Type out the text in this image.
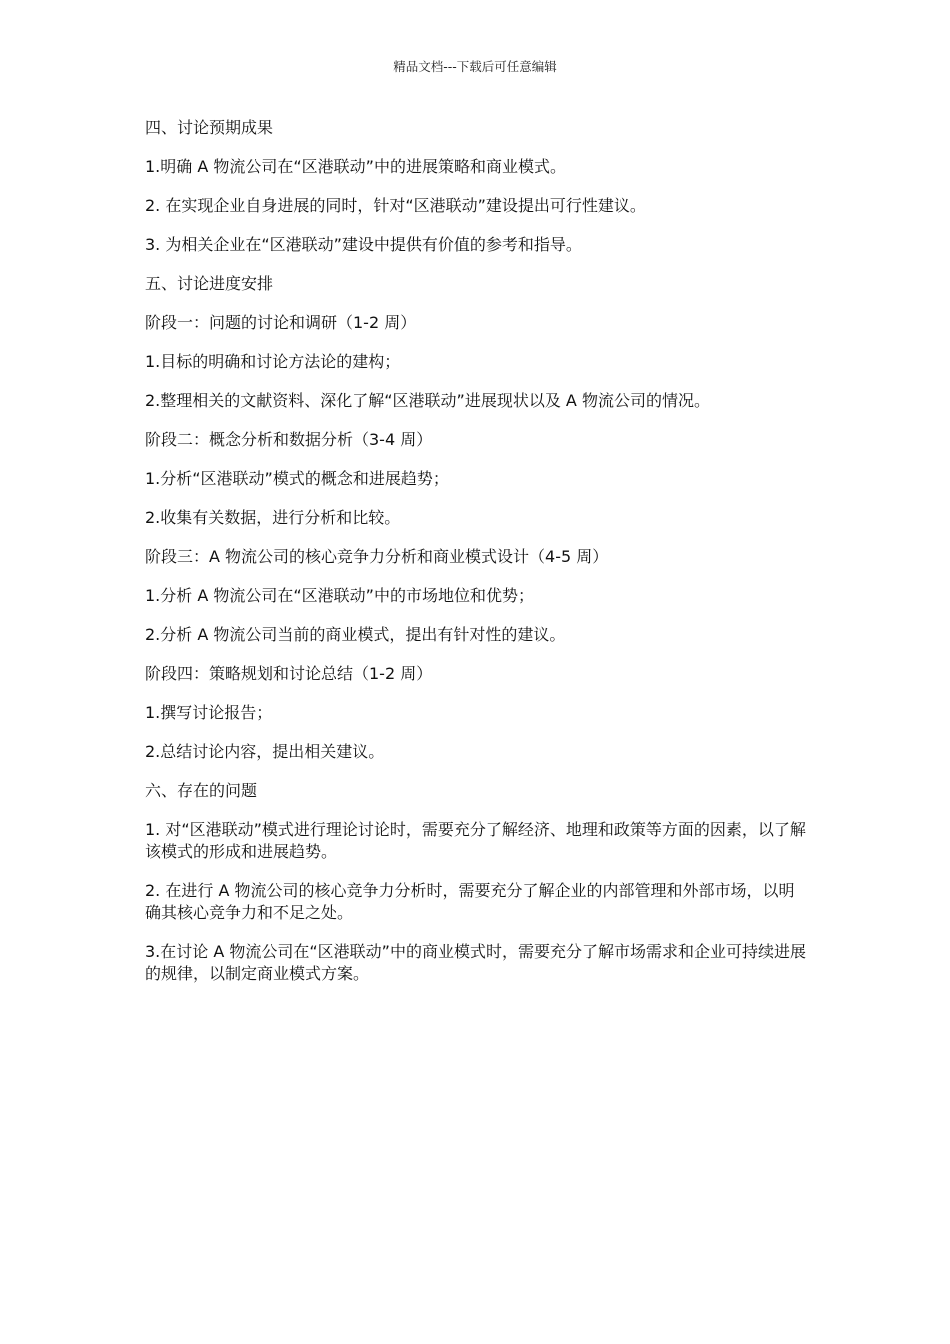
精品文档---下载后可任意编辑

四、讨论预期成果

1.明确 A 物流公司在“区港联动”中的进展策略和商业模式。

2. 在实现企业自身进展的同时，针对“区港联动”建设提出可行性建议。

3. 为相关企业在“区港联动”建设中提供有价值的参考和指导。

五、讨论进度安排

阶段一：问题的讨论和调研（1-2 周）

1.目标的明确和讨论方法论的建构；

2.整理相关的文献资料、深化了解“区港联动”进展现状以及 A 物流公司的情况。

阶段二：概念分析和数据分析（3-4 周）

1.分析“区港联动”模式的概念和进展趋势；

2.收集有关数据，进行分析和比较。

阶段三：A 物流公司的核心竞争力分析和商业模式设计（4-5 周）

1.分析 A 物流公司在“区港联动”中的市场地位和优势；

2.分析 A 物流公司当前的商业模式，提出有针对性的建议。

阶段四：策略规划和讨论总结（1-2 周）

1.撰写讨论报告；

2.总结讨论内容，提出相关建议。

六、存在的问题

1. 对“区港联动”模式进行理论讨论时，需要充分了解经济、地理和政策等方面的因素，以了解该模式的形成和进展趋势。

2. 在进行 A 物流公司的核心竞争力分析时，需要充分了解企业的内部管理和外部市场，以明确其核心竞争力和不足之处。

3.在讨论 A 物流公司在“区港联动”中的商业模式时，需要充分了解市场需求和企业可持续进展的规律，以制定商业模式方案。
